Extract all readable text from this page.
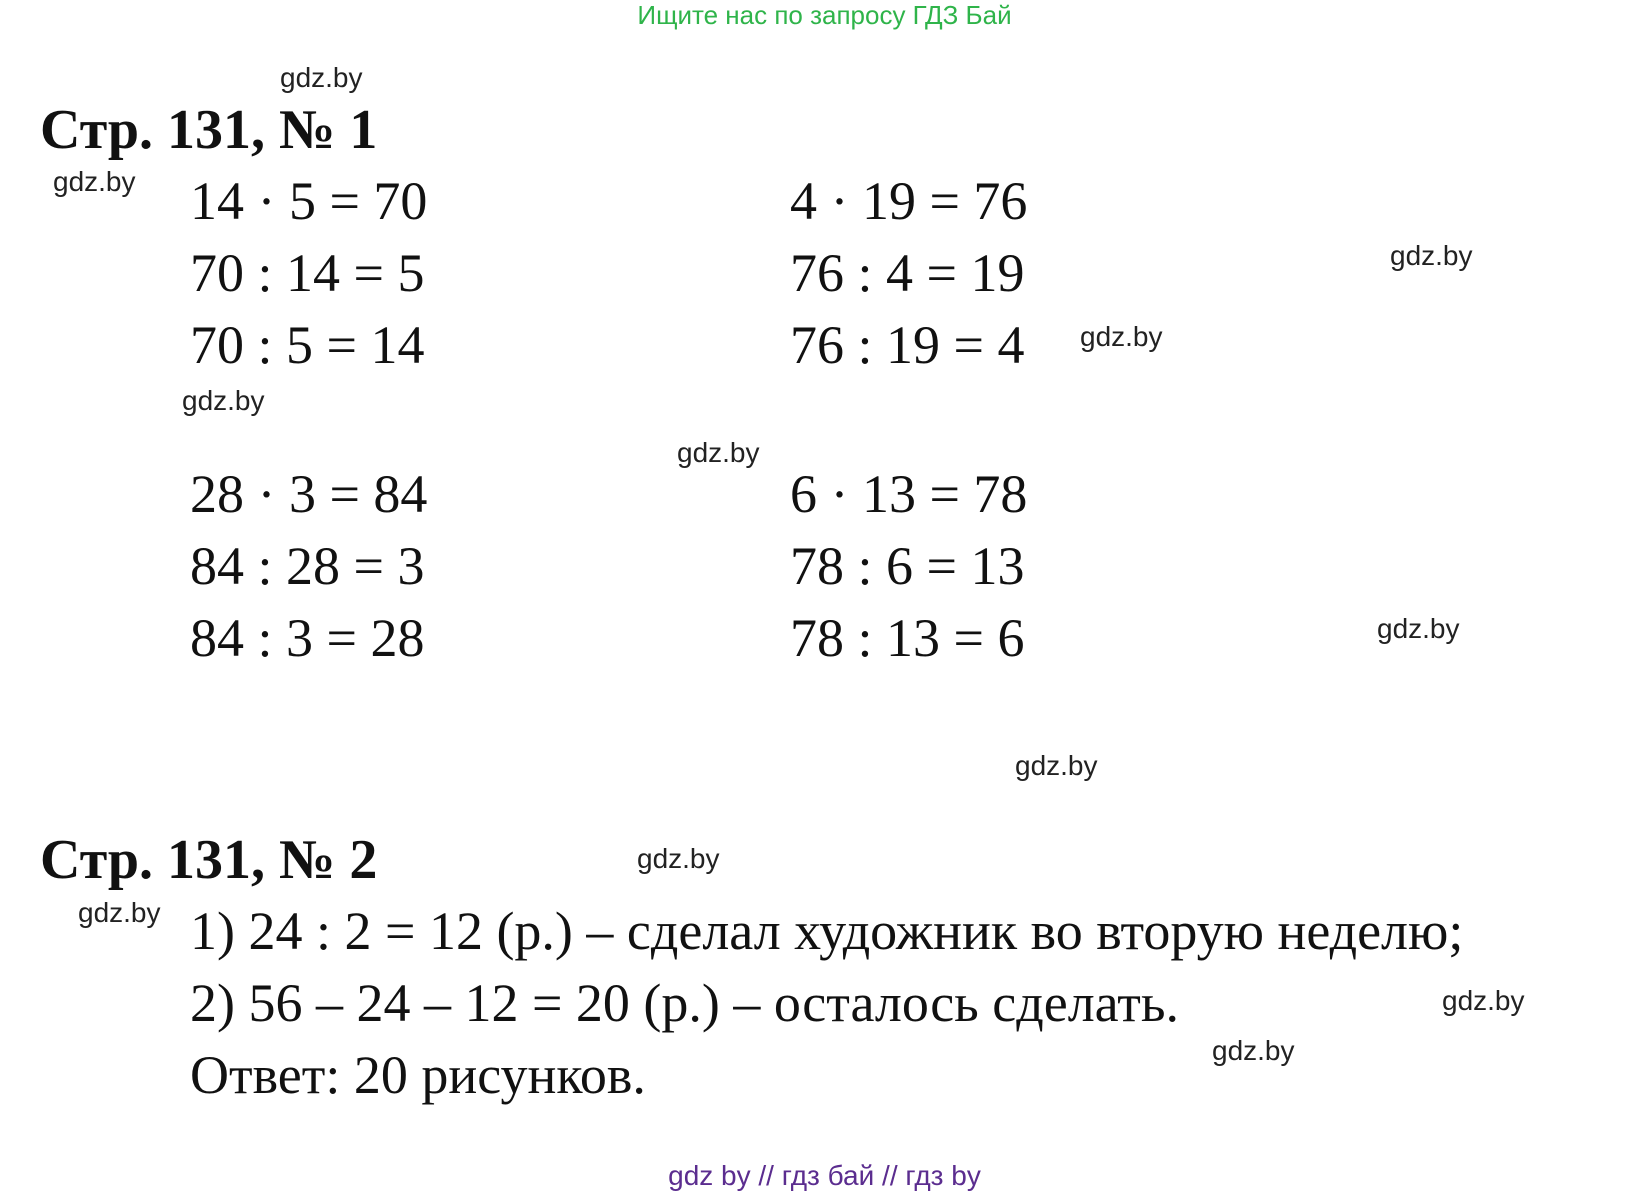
Ищите нас по запросу ГДЗ Бай
Стр. 131, № 1
14 · 5 = 70
70 : 14 = 5
70 : 5 = 14
4 · 19 = 76
76 : 4 = 19
76 : 19 = 4
28 · 3 = 84
84 : 28 = 3
84 : 3 = 28
6 · 13 = 78
78 : 6 = 13
78 : 13 = 6
Стр. 131, № 2
1) 24 : 2 = 12 (р.) – сделал художник во вторую неделю;
2) 56 – 24 – 12 = 20 (р.) – осталось сделать.
Ответ: 20 рисунков.
gdz.by
gdz.by
gdz.by
gdz.by
gdz.by
gdz.by
gdz.by
gdz.by
gdz.by
gdz.by
gdz.by
gdz.by
gdz by // гдз бай // гдз by
